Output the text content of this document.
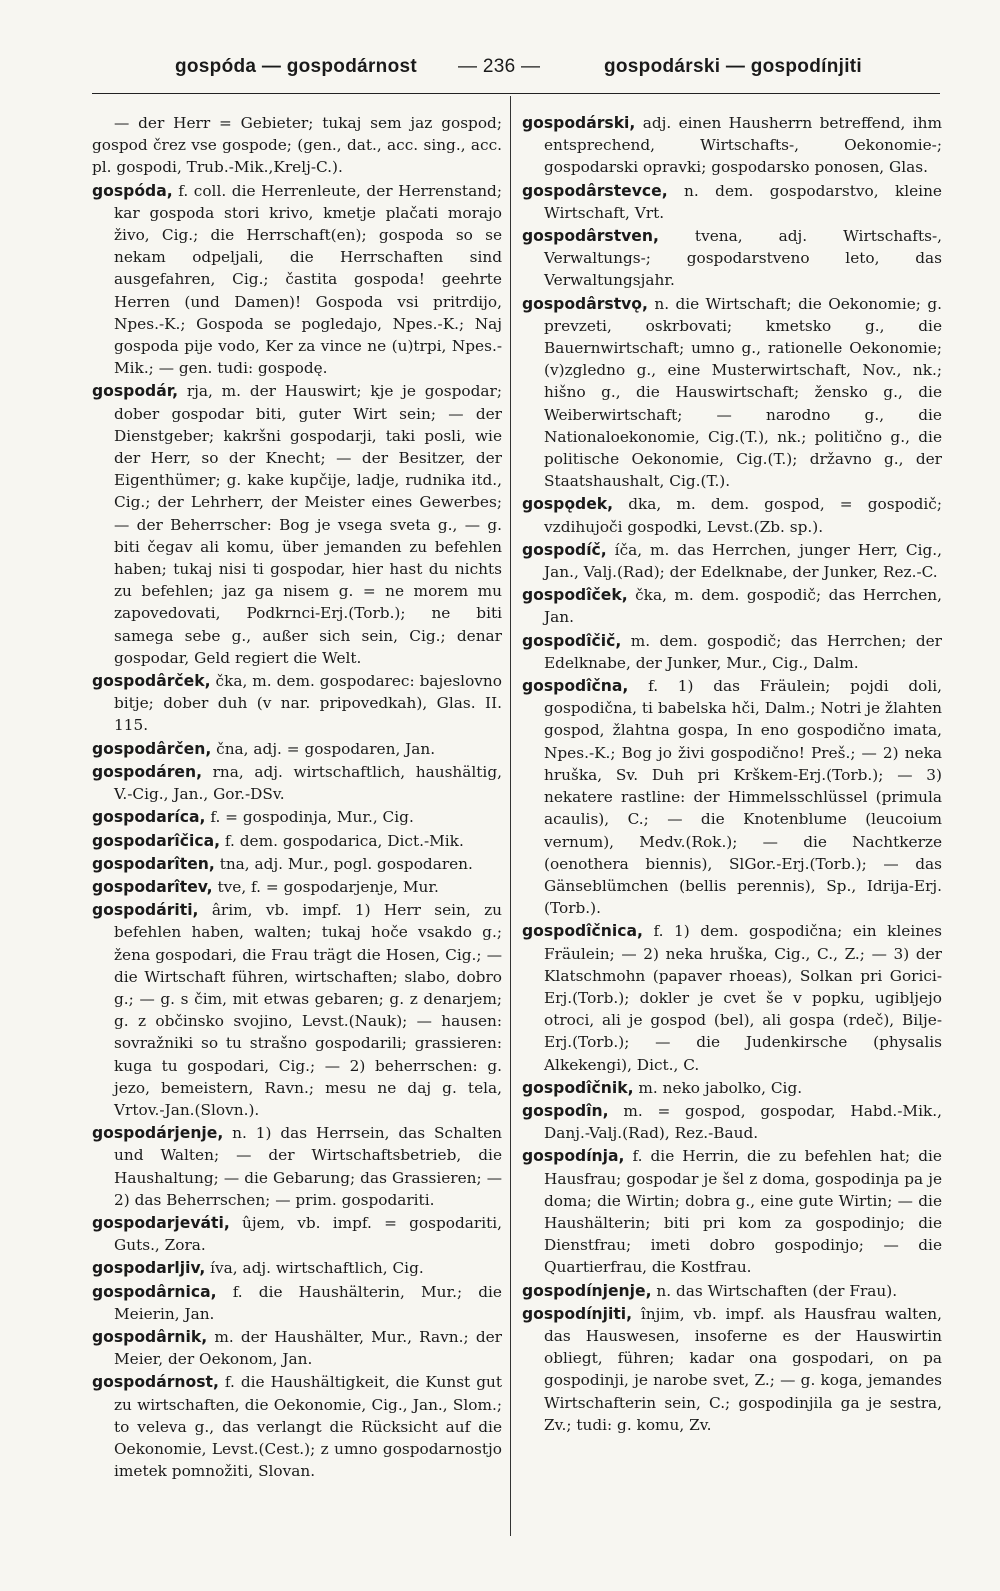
gospóda — gospodárnost — 236 —	gospodárski — gospodínjiti

— der Herr = Gebieter; tukaj sem jaz gospod; gospod črez vse gospode; (gen., dat., acc. sing., acc. pl. gospodi, Trub.-Mik.,Krelj-C.).

gospóda, f. coll. die Herrenleute, der Herrenstand; kar gospoda stori krivo, kmetje plačati morajo živo, Cig.; die Herrschaft(en); gospoda so se nekam odpeljali, die Herrschaften sind ausgefahren, Cig.; častita gospoda! geehrte Herren (und Damen)! Gospoda vsi pritrdijo, Npes.-K.; Gospoda se pogledajo, Npes.-K.; Naj gospoda pije vodo, Ker za vince ne (u)trpi, Npes.-Mik.; — gen. tudi: gospodę.

gospodár, rja, m. der Hauswirt; kje je gospodar; dober gospodar biti, guter Wirt sein; — der Dienstgeber; kakršni gospodarji, taki posli, wie der Herr, so der Knecht; — der Besitzer, der Eigenthümer; g. kake kupčije, ladje, rudnika itd., Cig.; der Lehrherr, der Meister eines Gewerbes; — der Beherrscher: Bog je vsega sveta g., — g. biti čegav ali komu, über jemanden zu befehlen haben; tukaj nisi ti gospodar, hier hast du nichts zu befehlen; jaz ga nisem g. = ne morem mu zapovedovati, Podkrnci-Erj.(Torb.); ne biti samega sebe g., außer sich sein, Cig.; denar gospodar, Geld regiert die Welt.

gospodârček, čka, m. dem. gospodarec: bajeslovno bitje; dober duh (v nar. pripovedkah), Glas. II. 115.

gospodârčen, čna, adj. = gospodaren, Jan.

gospodáren, rna, adj. wirtschaftlich, haushältig, V.-Cig., Jan., Gor.-DSv.

gospodaríca, f. = gospodinja, Mur., Cig.

gospodarîčica, f. dem. gospodarica, Dict.-Mik.

gospodarîten, tna, adj. Mur., pogl. gospodaren.

gospodarîtev, tve, f. = gospodarjenje, Mur.

gospodáriti, ârim, vb. impf. 1) Herr sein, zu befehlen haben, walten; tukaj hoče vsakdo g.; žena gospodari, die Frau trägt die Hosen, Cig.; — die Wirtschaft führen, wirtschaften; slabo, dobro g.; — g. s čim, mit etwas gebaren; g. z denarjem; g. z občinsko svojino, Levst.(Nauk); — hausen: sovražniki so tu strašno gospodarili; grassieren: kuga tu gospodari, Cig.; — 2) beherrschen: g. jezo, bemeistern, Ravn.; mesu ne daj g. tela, Vrtov.-Jan.(Slovn.).

gospodárjenje, n. 1) das Herrsein, das Schalten und Walten; — der Wirtschaftsbetrieb, die Haushaltung; — die Gebarung; das Grassieren; — 2) das Beherrschen; — prim. gospodariti.

gospodarjeváti, ûjem, vb. impf. = gospodariti, Guts., Zora.

gospodarljiv, íva, adj. wirtschaftlich, Cig.

gospodârnica, f. die Haushälterin, Mur.; die Meierin, Jan.

gospodârnik, m. der Haushälter, Mur., Ravn.; der Meier, der Oekonom, Jan.

gospodárnost, f. die Haushältigkeit, die Kunst gut zu wirtschaften, die Oekonomie, Cig., Jan., Slom.; to veleva g., das verlangt die Rücksicht auf die Oekonomie, Levst.(Cest.); z umno gospodarnostjo imetek pomnožiti, Slovan.

gospodárski, adj. einen Hausherrn betreffend, ihm entsprechend, Wirtschafts-, Oekonomie-; gospodarski opravki; gospodarsko ponosen, Glas.

gospodârstevce, n. dem. gospodarstvo, kleine Wirtschaft, Vrt.

gospodârstven, tvena, adj. Wirtschafts-, Verwaltungs-; gospodarstveno leto, das Verwaltungsjahr.

gospodârstvǫ, n. die Wirtschaft; die Oekonomie; g. prevzeti, oskrbovati; kmetsko g., die Bauernwirtschaft; umno g., rationelle Oekonomie; (v)zgledno g., eine Musterwirtschaft, Nov., nk.; hišno g., die Hauswirtschaft; žensko g., die Weiberwirtschaft; — narodno g., die Nationaloekonomie, Cig.(T.), nk.; politično g., die politische Oekonomie, Cig.(T.); državno g., der Staatshaushalt, Cig.(T.).

gospǫdek, dka, m. dem. gospod, = gospodič; vzdihujoči gospodki, Levst.(Zb. sp.).

gospodíč, íča, m. das Herrchen, junger Herr, Cig., Jan., Valj.(Rad); der Edelknabe, der Junker, Rez.-C.

gospodîček, čka, m. dem. gospodič; das Herrchen, Jan.

gospodîčič, m. dem. gospodič; das Herrchen; der Edelknabe, der Junker, Mur., Cig., Dalm.

gospodîčna, f. 1) das Fräulein; pojdi doli, gospodična, ti babelska hči, Dalm.; Notri je žlahten gospod, žlahtna gospa, In eno gospodično imata, Npes.-K.; Bog jo živi gospodično! Preš.; — 2) neka hruška, Sv. Duh pri Krškem-Erj.(Torb.); — 3) nekatere rastline: der Himmelsschlüssel (primula acaulis), C.; — die Knotenblume (leucoium vernum), Medv.(Rok.); — die Nachtkerze (oenothera biennis), SlGor.-Erj.(Torb.); — das Gänseblümchen (bellis perennis), Sp., Idrija-Erj.(Torb.).

gospodîčnica, f. 1) dem. gospodična; ein kleines Fräulein; — 2) neka hruška, Cig., C., Z.; — 3) der Klatschmohn (papaver rhoeas), Solkan pri Gorici-Erj.(Torb.); dokler je cvet še v popku, ugibljejo otroci, ali je gospod (bel), ali gospa (rdeč), Bilje-Erj.(Torb.); — die Judenkirsche (physalis Alkekengi), Dict., C.

gospodîčnik, m. neko jabolko, Cig.

gospodîn, m. = gospod, gospodar, Habd.-Mik., Danj.-Valj.(Rad), Rez.-Baud.

gospodínja, f. die Herrin, die zu befehlen hat; die Hausfrau; gospodar je šel z doma, gospodinja pa je doma; die Wirtin; dobra g., eine gute Wirtin; — die Haushälterin; biti pri kom za gospodinjo; die Dienstfrau; imeti dobro gospodinjo; — die Quartierfrau, die Kostfrau.

gospodínjenje, n. das Wirtschaften (der Frau).

gospodínjiti, înjim, vb. impf. als Hausfrau walten, das Hauswesen, insoferne es der Hauswirtin obliegt, führen; kadar ona gospodari, on pa gospodinji, je narobe svet, Z.; — g. koga, jemandes Wirtschafterin sein, C.; gospodinjila ga je sestra, Zv.; tudi: g. komu, Zv.
